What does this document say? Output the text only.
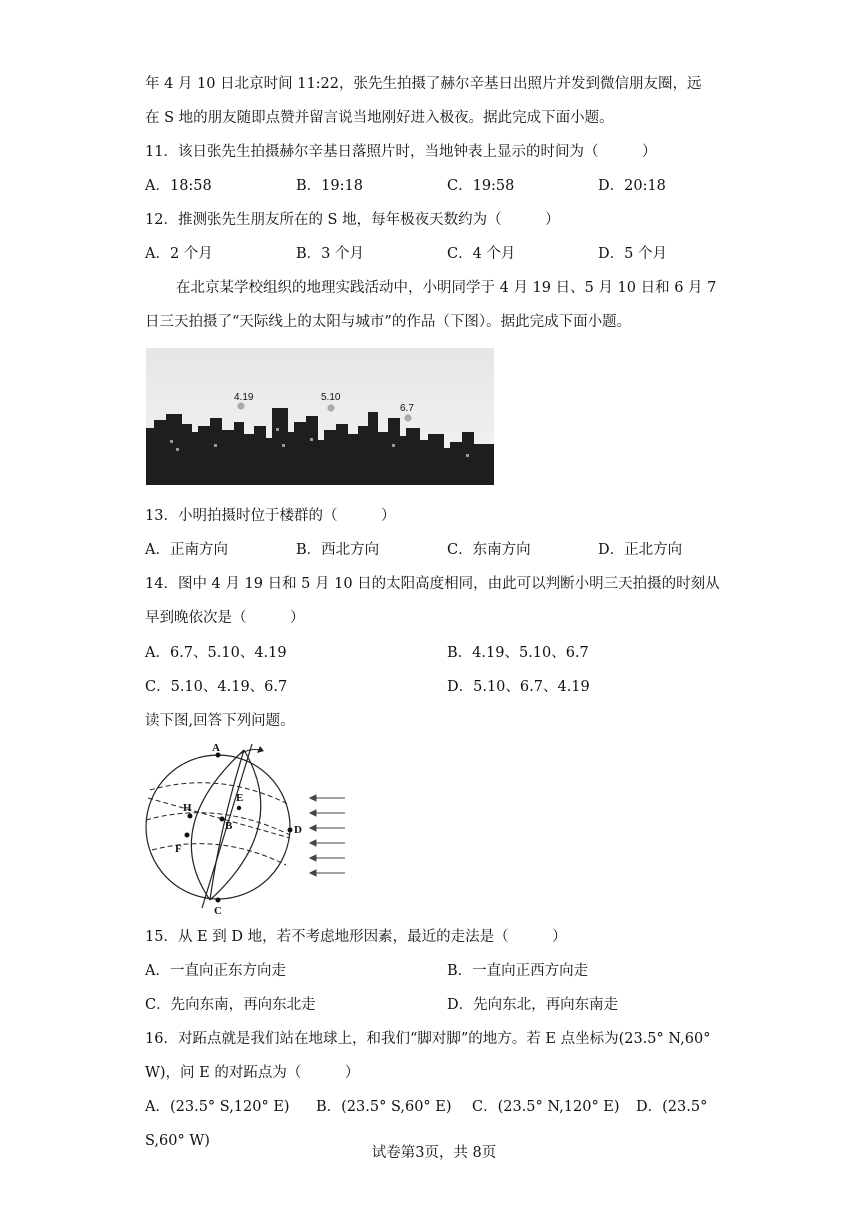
年 4 月 10 日北京时间 11:22，张先生拍摄了赫尔辛基日出照片并发到微信朋友圈，远
在 S 地的朋友随即点赞并留言说当地刚好进入极夜。据此完成下面小题。
11．该日张先生拍摄赫尔辛基日落照片时，当地钟表上显示的时间为（　　　）
A．18:58	B．19:18	C．19:58	D．20:18
12．推测张先生朋友所在的 S 地，每年极夜天数约为（　　　）
A．2 个月	B．3 个月	C．4 个月	D．5 个月
在北京某学校组织的地理实践活动中，小明同学于 4 月 19 日、5 月 10 日和 6 月 7
日三天拍摄了“天际线上的太阳与城市”的作品（下图）。据此完成下面小题。
4.19	5.10
6.7
13．小明拍摄时位于楼群的（　　　）
A．正南方向	B．西北方向	C．东南方向	D．正北方向
14．图中 4 月 19 日和 5 月 10 日的太阳高度相同，由此可以判断小明三天拍摄的时刻从
早到晚依次是（　　　）
A．6.7、5.10、4.19	B．4.19、5.10、6.7
C．5.10、4.19、6.7	D．5.10、6.7、4.19
读下图,回答下列问题。
A
B
C
D
E
F
H
15．从 E 到 D 地，若不考虑地形因素，最近的走法是（　　　）
A．一直向正东方向走	B．一直向正西方向走
C．先向东南，再向东北走	D．先向东北，再向东南走
16．对跖点就是我们站在地球上，和我们“脚对脚”的地方。若 E 点坐标为(23.5° N,60°
W)，问 E 的对跖点为（　　　）
A．(23.5° S,120° E) B．(23.5° S,60° E) C．(23.5° N,120° E) D．(23.5°
S,60° W)
试卷第3页，共 8页
